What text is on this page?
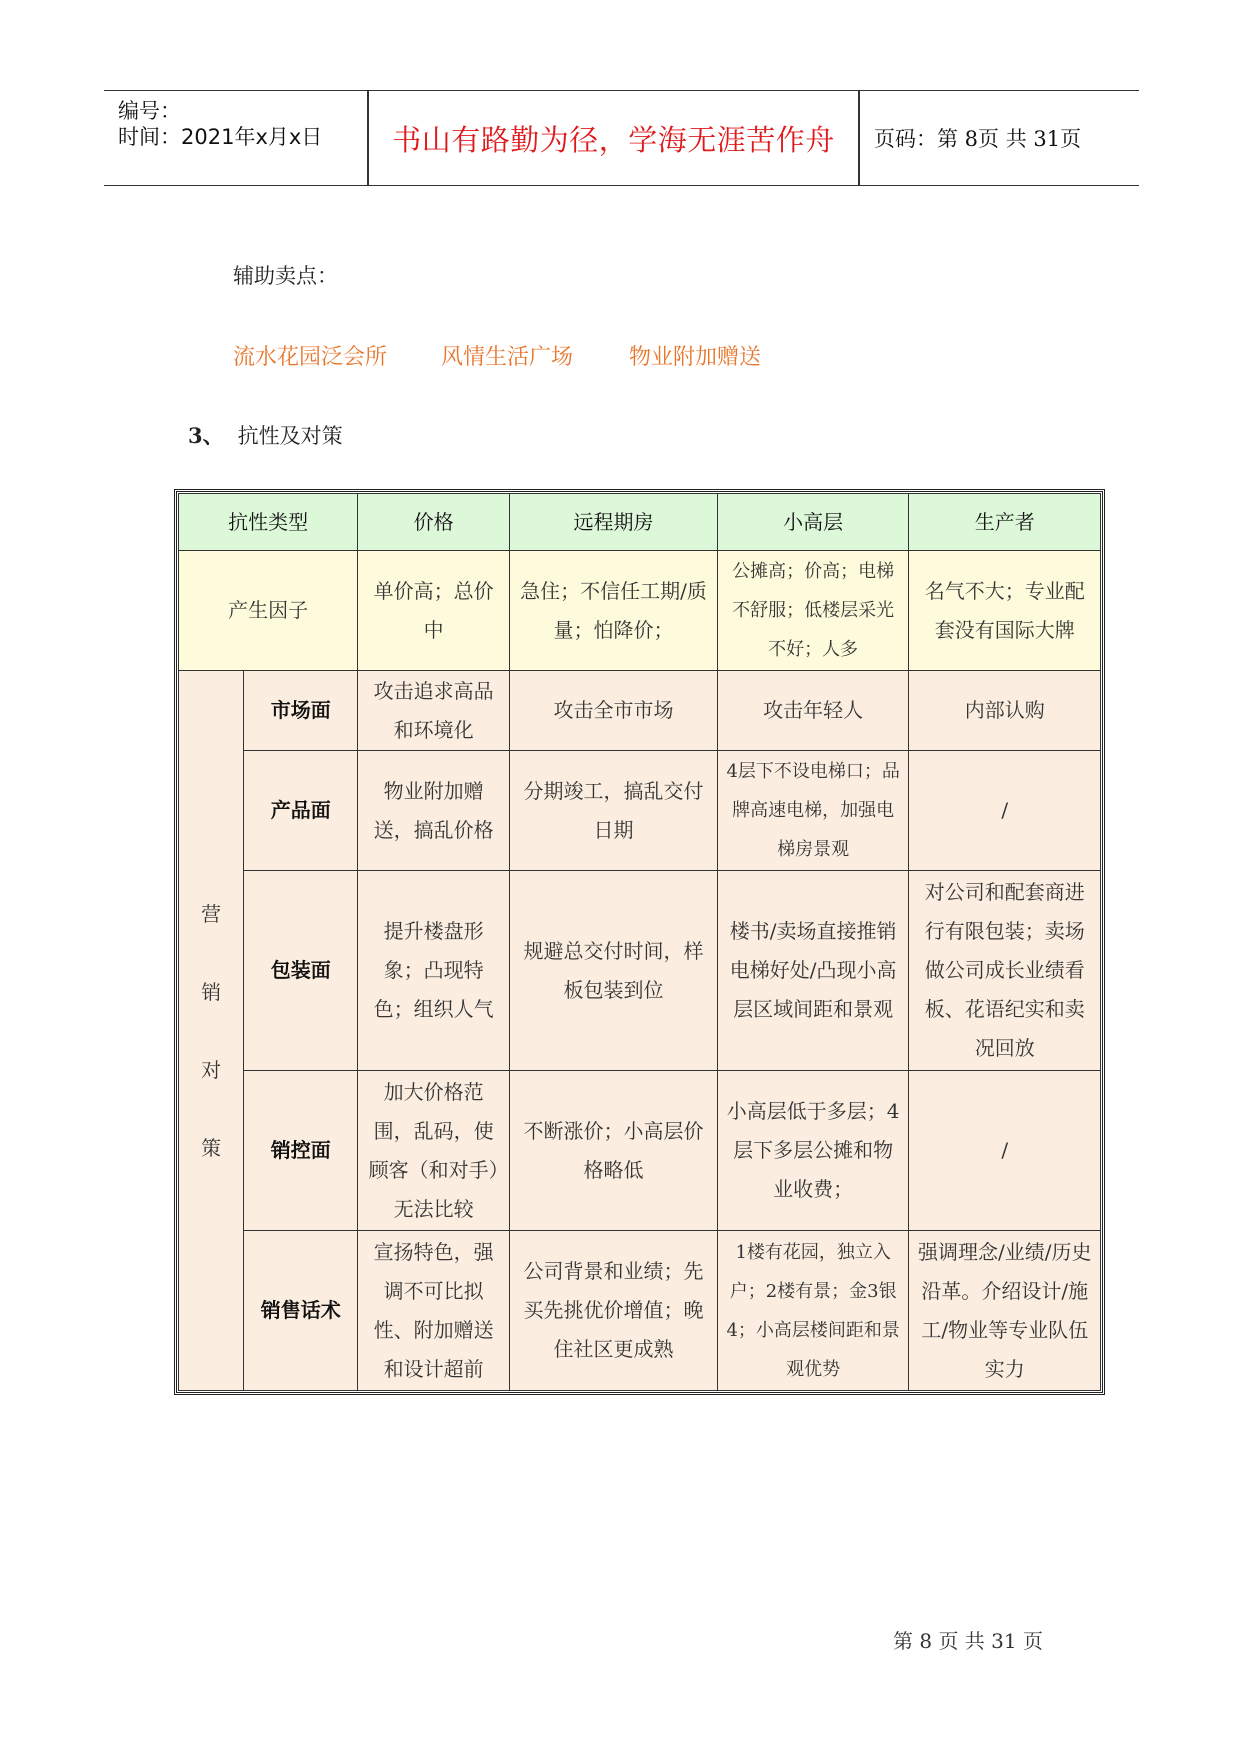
编号：
时间：2021年x月x日	书山有路勤为径，学海无涯苦作舟	页码：第 8页 共 31页
辅助卖点：
流水花园泛会所	风情生活广场	物业附加赠送
3、 抗性及对策
抗性类型		价格	远程期房	小高层	生产者
产生因子		单价高；总价中	急住；不信任工期/质量；怕降价；	公摊高；价高；电梯不舒服；低楼层采光不好；人多	名气不大；专业配套没有国际大牌

营
销
对
策	市场面	攻击追求高品和环境化	攻击全市市场	攻击年轻人	内部认购
	产品面	物业附加赠送，搞乱价格	分期竣工，搞乱交付日期	4层下不设电梯口；品牌高速电梯，加强电梯房景观	/
	包装面	提升楼盘形象；凸现特色；组织人气	规避总交付时间，样板包装到位	楼书/卖场直接推销电梯好处/凸现小高层区域间距和景观	对公司和配套商进行有限包装；卖场做公司成长业绩看板、花语纪实和卖况回放
	销控面	加大价格范围，乱码，使顾客（和对手）无法比较	不断涨价；小高层价格略低	小高层低于多层；4层下多层公摊和物业收费；	/
	销售话术	宣扬特色，强调不可比拟性、附加赠送和设计超前	公司背景和业绩；先买先挑优价增值；晚住社区更成熟	1楼有花园，独立入户；2楼有景；金3银4；小高层楼间距和景观优势	强调理念/业绩/历史沿革。介绍设计/施工/物业等专业队伍实力
第 8 页 共 31 页
